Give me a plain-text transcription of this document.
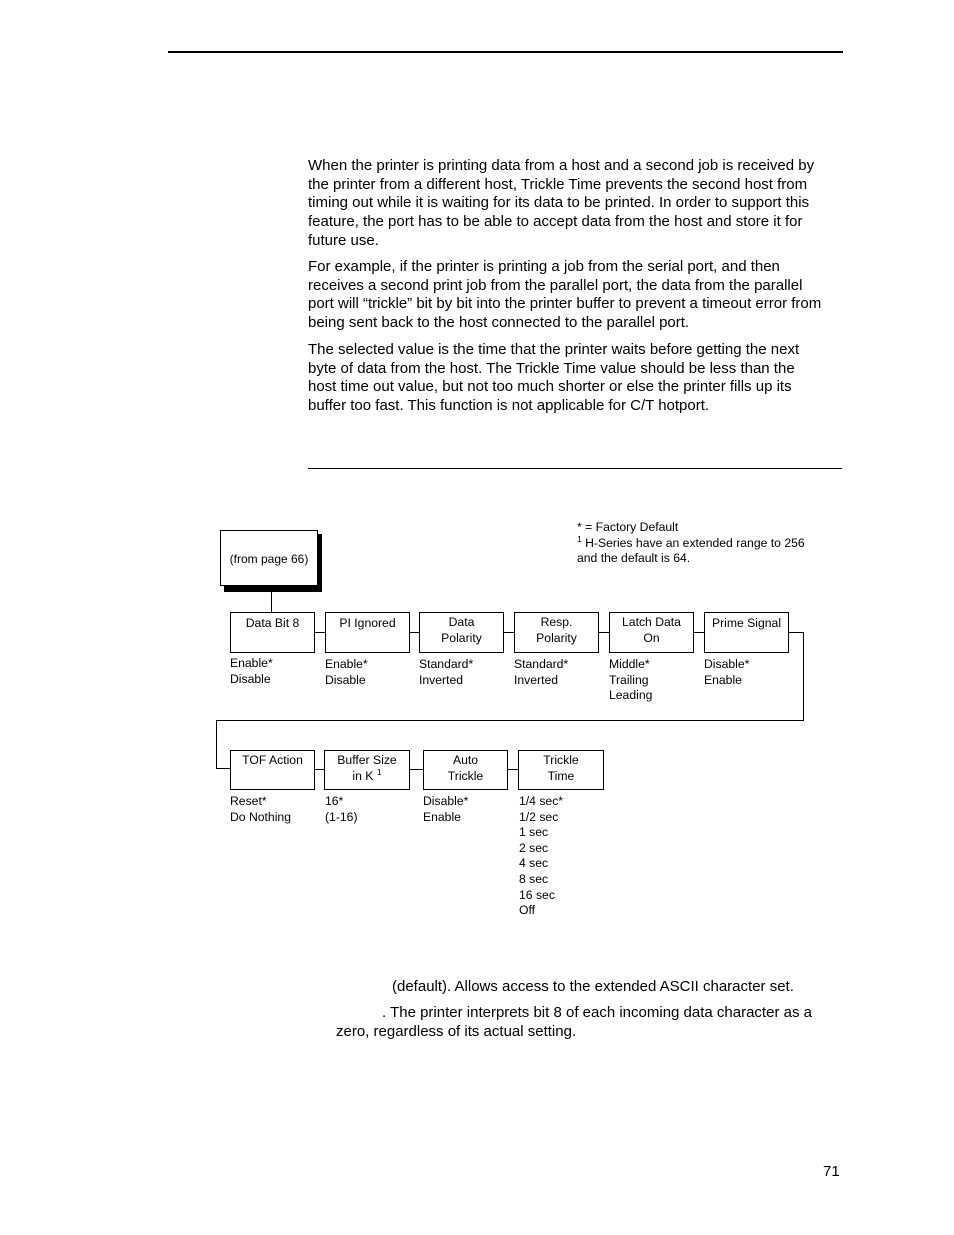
When the printer is printing data from a host and a second job is received by
the printer from a different host, Trickle Time prevents the second host from
timing out while it is waiting for its data to be printed. In order to support this
feature, the port has to be able to accept data from the host and store it for
future use.
For example, if the printer is printing a job from the serial port, and then
receives a second print job from the parallel port, the data from the parallel
port will “trickle” bit by bit into the printer buffer to prevent a timeout error from
being sent back to the host connected to the parallel port.
The selected value is the time that the printer waits before getting the next
byte of data from the host. The Trickle Time value should be less than the
host time out value, but not too much shorter or else the printer fills up its
buffer too fast. This function is not applicable for C/T hotport.
* = Factory Default
$^1$ H-Series have an extended range to 256
and the default is 64.
(from page 66)
Data Bit 8	PI Ignored	Data
Polarity
Resp.
Polarity
Latch Data
On
Prime Signal
Enable*
Disable
Enable*
Disable
Standard*
Inverted
Standard*
Inverted
Middle*
Trailing
Leading
Disable*
Enable
TOF Action	Buffer Size
in K $^1$
Auto
Trickle
Trickle
Time
Reset*
Do Nothing
16*
(1-16)
Disable*
Enable
1/4 sec*
1/2 sec
1 sec
2 sec
4 sec
8 sec
16 sec
Off
(default). Allows access to the extended ASCII character set.
. The printer interprets bit 8 of each incoming data character as a
zero, regardless of its actual setting.
71
